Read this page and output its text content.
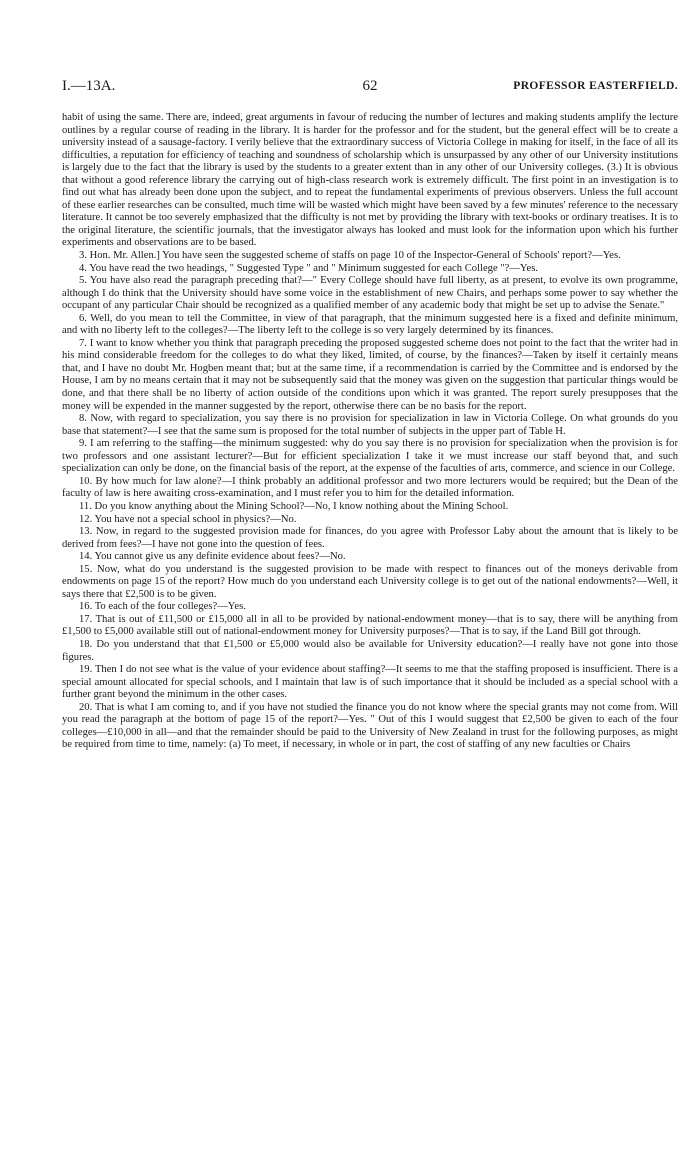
I.—13A.	62	PROFESSOR EASTERFIELD.

habit of using the same. There are, indeed, great arguments in favour of reducing the number of lectures and making students amplify the lecture outlines by a regular course of reading in the library. It is harder for the professor and for the student, but the general effect will be to create a university instead of a sausage-factory. I verily believe that the extraordinary success of Victoria College in making for itself, in the face of all its difficulties, a reputation for efficiency of teaching and soundness of scholarship which is unsurpassed by any other of our University institutions is largely due to the fact that the library is used by the students to a greater extent than in any other of our University colleges. (3.) It is obvious that without a good reference library the carrying out of high-class research work is extremely difficult. The first point in an investigation is to find out what has already been done upon the subject, and to repeat the fundamental experiments of previous observers. Unless the full account of these earlier researches can be consulted, much time will be wasted which might have been saved by a few minutes' reference to the necessary literature. It cannot be too severely emphasized that the difficulty is not met by providing the library with text-books or ordinary treatises. It is to the original literature, the scientific journals, that the investigator always has looked and must look for the information upon which his further experiments and observations are to be based.

3. Hon. Mr. Allen.] You have seen the suggested scheme of staffs on page 10 of the Inspector-General of Schools' report?—Yes.

4. You have read the two headings, " Suggested Type " and " Minimum suggested for each College "?—Yes.

5. You have also read the paragraph preceding that?—" Every College should have full liberty, as at present, to evolve its own programme, although I do think that the University should have some voice in the establishment of new Chairs, and perhaps some power to say whether the occupant of any particular Chair should be recognized as a qualified member of any academic body that might be set up to advise the Senate."

6. Well, do you mean to tell the Committee, in view of that paragraph, that the minimum suggested here is a fixed and definite minimum, and with no liberty left to the colleges?—The liberty left to the college is so very largely determined by its finances.

7. I want to know whether you think that paragraph preceding the proposed suggested scheme does not point to the fact that the writer had in his mind considerable freedom for the colleges to do what they liked, limited, of course, by the finances?—Taken by itself it certainly means that, and I have no doubt Mr. Hogben meant that; but at the same time, if a recommendation is carried by the Committee and is endorsed by the House, I am by no means certain that it may not be subsequently said that the money was given on the suggestion that particular things would be done, and that there shall be no liberty of action outside of the conditions upon which it was granted. The report surely presupposes that the money will be expended in the manner suggested by the report, otherwise there can be no basis for the report.

8. Now, with regard to specialization, you say there is no provision for specialization in law in Victoria College. On what grounds do you base that statement?—I see that the same sum is proposed for the total number of subjects in the upper part of Table H.

9. I am referring to the staffing—the minimum suggested: why do you say there is no provision for specialization when the provision is for two professors and one assistant lecturer?—But for efficient specialization I take it we must increase our staff beyond that, and such specialization can only be done, on the financial basis of the report, at the expense of the faculties of arts, commerce, and science in our College.

10. By how much for law alone?—I think probably an additional professor and two more lecturers would be required; but the Dean of the faculty of law is here awaiting cross-examination, and I must refer you to him for the detailed information.

11. Do you know anything about the Mining School?—No, I know nothing about the Mining School.

12. You have not a special school in physics?—No.

13. Now, in regard to the suggested provision made for finances, do you agree with Professor Laby about the amount that is likely to be derived from fees?—I have not gone into the question of fees.

14. You cannot give us any definite evidence about fees?—No.

15. Now, what do you understand is the suggested provision to be made with respect to finances out of the moneys derivable from endowments on page 15 of the report? How much do you understand each University college is to get out of the national endowments?—Well, it says there that £2,500 is to be given.

16. To each of the four colleges?—Yes.

17. That is out of £11,500 or £15,000 all in all to be provided by national-endowment money—that is to say, there will be anything from £1,500 to £5,000 available still out of national-endowment money for University purposes?—That is to say, if the Land Bill got through.

18. Do you understand that that £1,500 or £5,000 would also be available for University education?—I really have not gone into those figures.

19. Then I do not see what is the value of your evidence about staffing?—It seems to me that the staffing proposed is insufficient. There is a special amount allocated for special schools, and I maintain that law is of such importance that it should be included as a special school with a further grant beyond the minimum in the other cases.

20. That is what I am coming to, and if you have not studied the finance you do not know where the special grants may not come from. Will you read the paragraph at the bottom of page 15 of the report?—Yes. " Out of this I would suggest that £2,500 be given to each of the four colleges—£10,000 in all—and that the remainder should be paid to the University of New Zealand in trust for the following purposes, as might be required from time to time, namely: (a) To meet, if necessary, in whole or in part, the cost of staffing of any new faculties or Chairs
